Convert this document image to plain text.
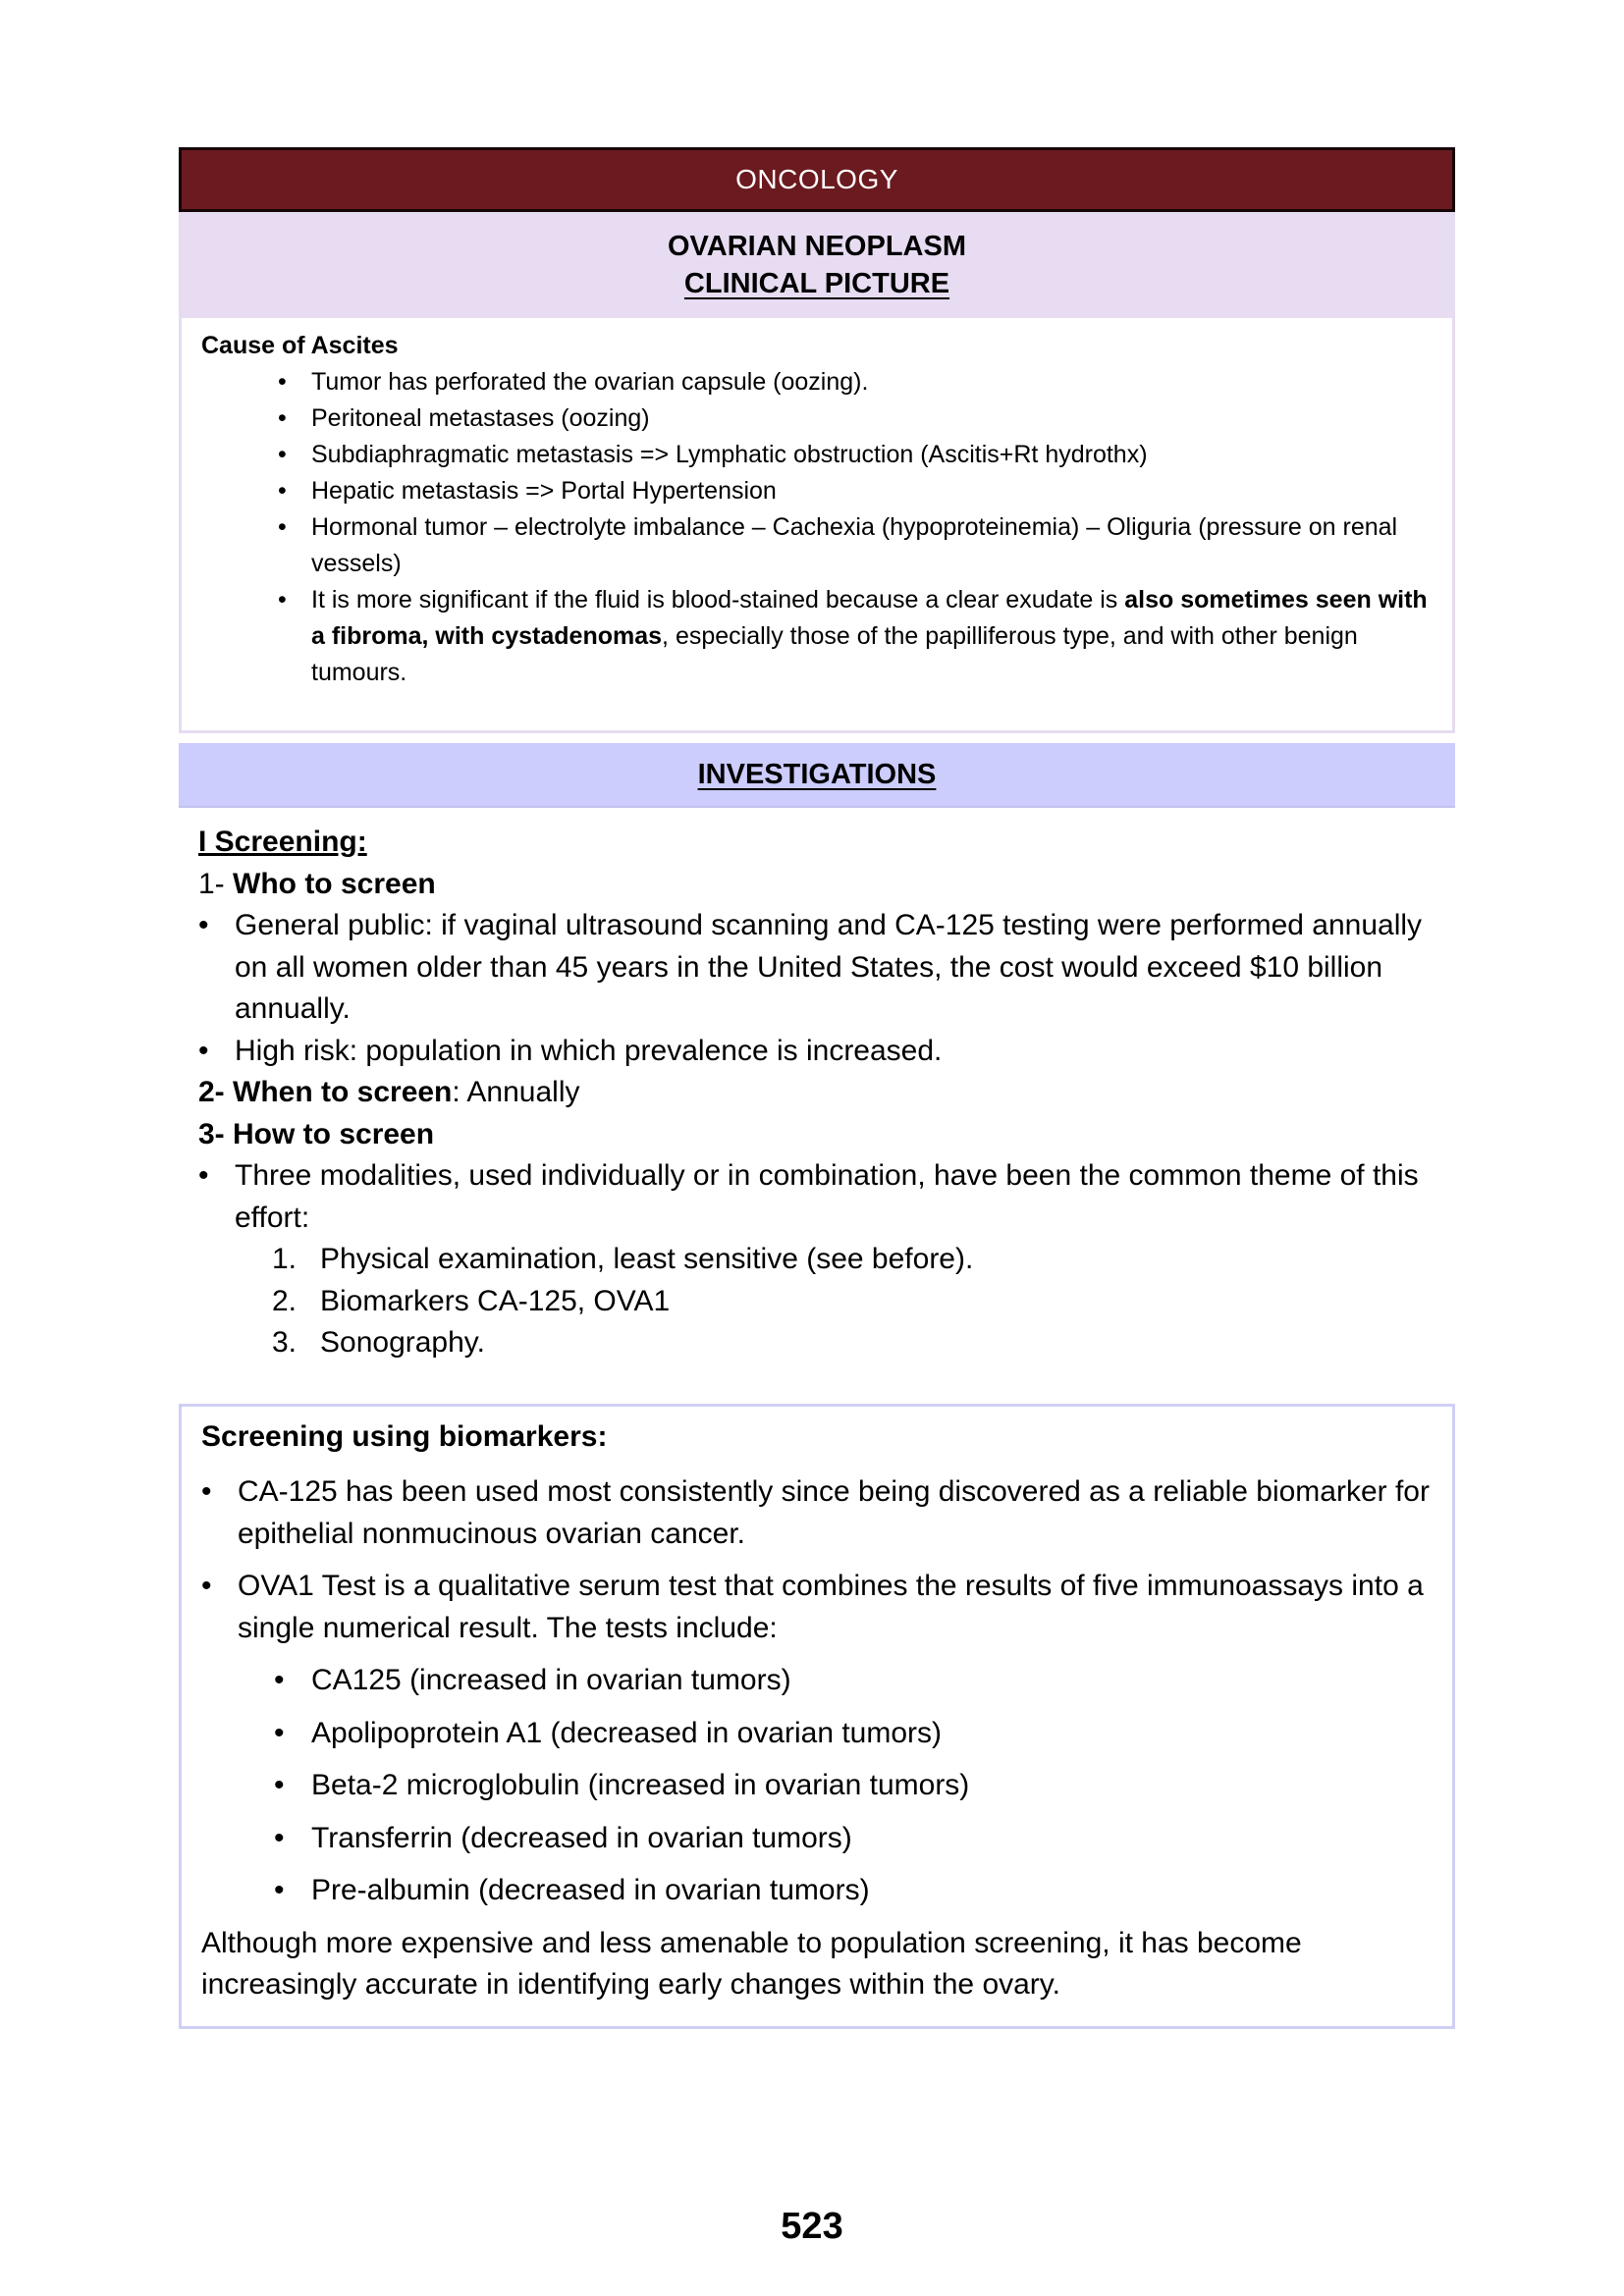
ONCOLOGY
OVARIAN NEOPLASM
CLINICAL PICTURE
Cause of Ascites
• Tumor has perforated the ovarian capsule (oozing).
• Peritoneal metastases (oozing)
• Subdiaphragmatic metastasis => Lymphatic obstruction (Ascitis+Rt hydrothx)
• Hepatic metastasis => Portal Hypertension
• Hormonal tumor – electrolyte imbalance – Cachexia (hypoproteinemia) – Oliguria (pressure on renal vessels)
• It is more significant if the fluid is blood-stained because a clear exudate is also sometimes seen with a fibroma, with cystadenomas, especially those of the papilliferous type, and with other benign tumours.
INVESTIGATIONS
I Screening:
1- Who to screen
• General public: if vaginal ultrasound scanning and CA-125 testing were performed annually on all women older than 45 years in the United States, the cost would exceed $10 billion annually.
• High risk: population in which prevalence is increased.
2- When to screen: Annually
3- How to screen
• Three modalities, used individually or in combination, have been the common theme of this effort:
1. Physical examination, least sensitive (see before).
2. Biomarkers CA-125, OVA1
3. Sonography.
Screening using biomarkers:
• CA-125 has been used most consistently since being discovered as a reliable biomarker for epithelial nonmucinous ovarian cancer.
• OVA1 Test is a qualitative serum test that combines the results of five immunoassays into a single numerical result. The tests include:
• CA125 (increased in ovarian tumors)
• Apolipoprotein A1 (decreased in ovarian tumors)
• Beta-2 microglobulin (increased in ovarian tumors)
• Transferrin (decreased in ovarian tumors)
• Pre-albumin (decreased in ovarian tumors)
Although more expensive and less amenable to population screening, it has become increasingly accurate in identifying early changes within the ovary.
523
